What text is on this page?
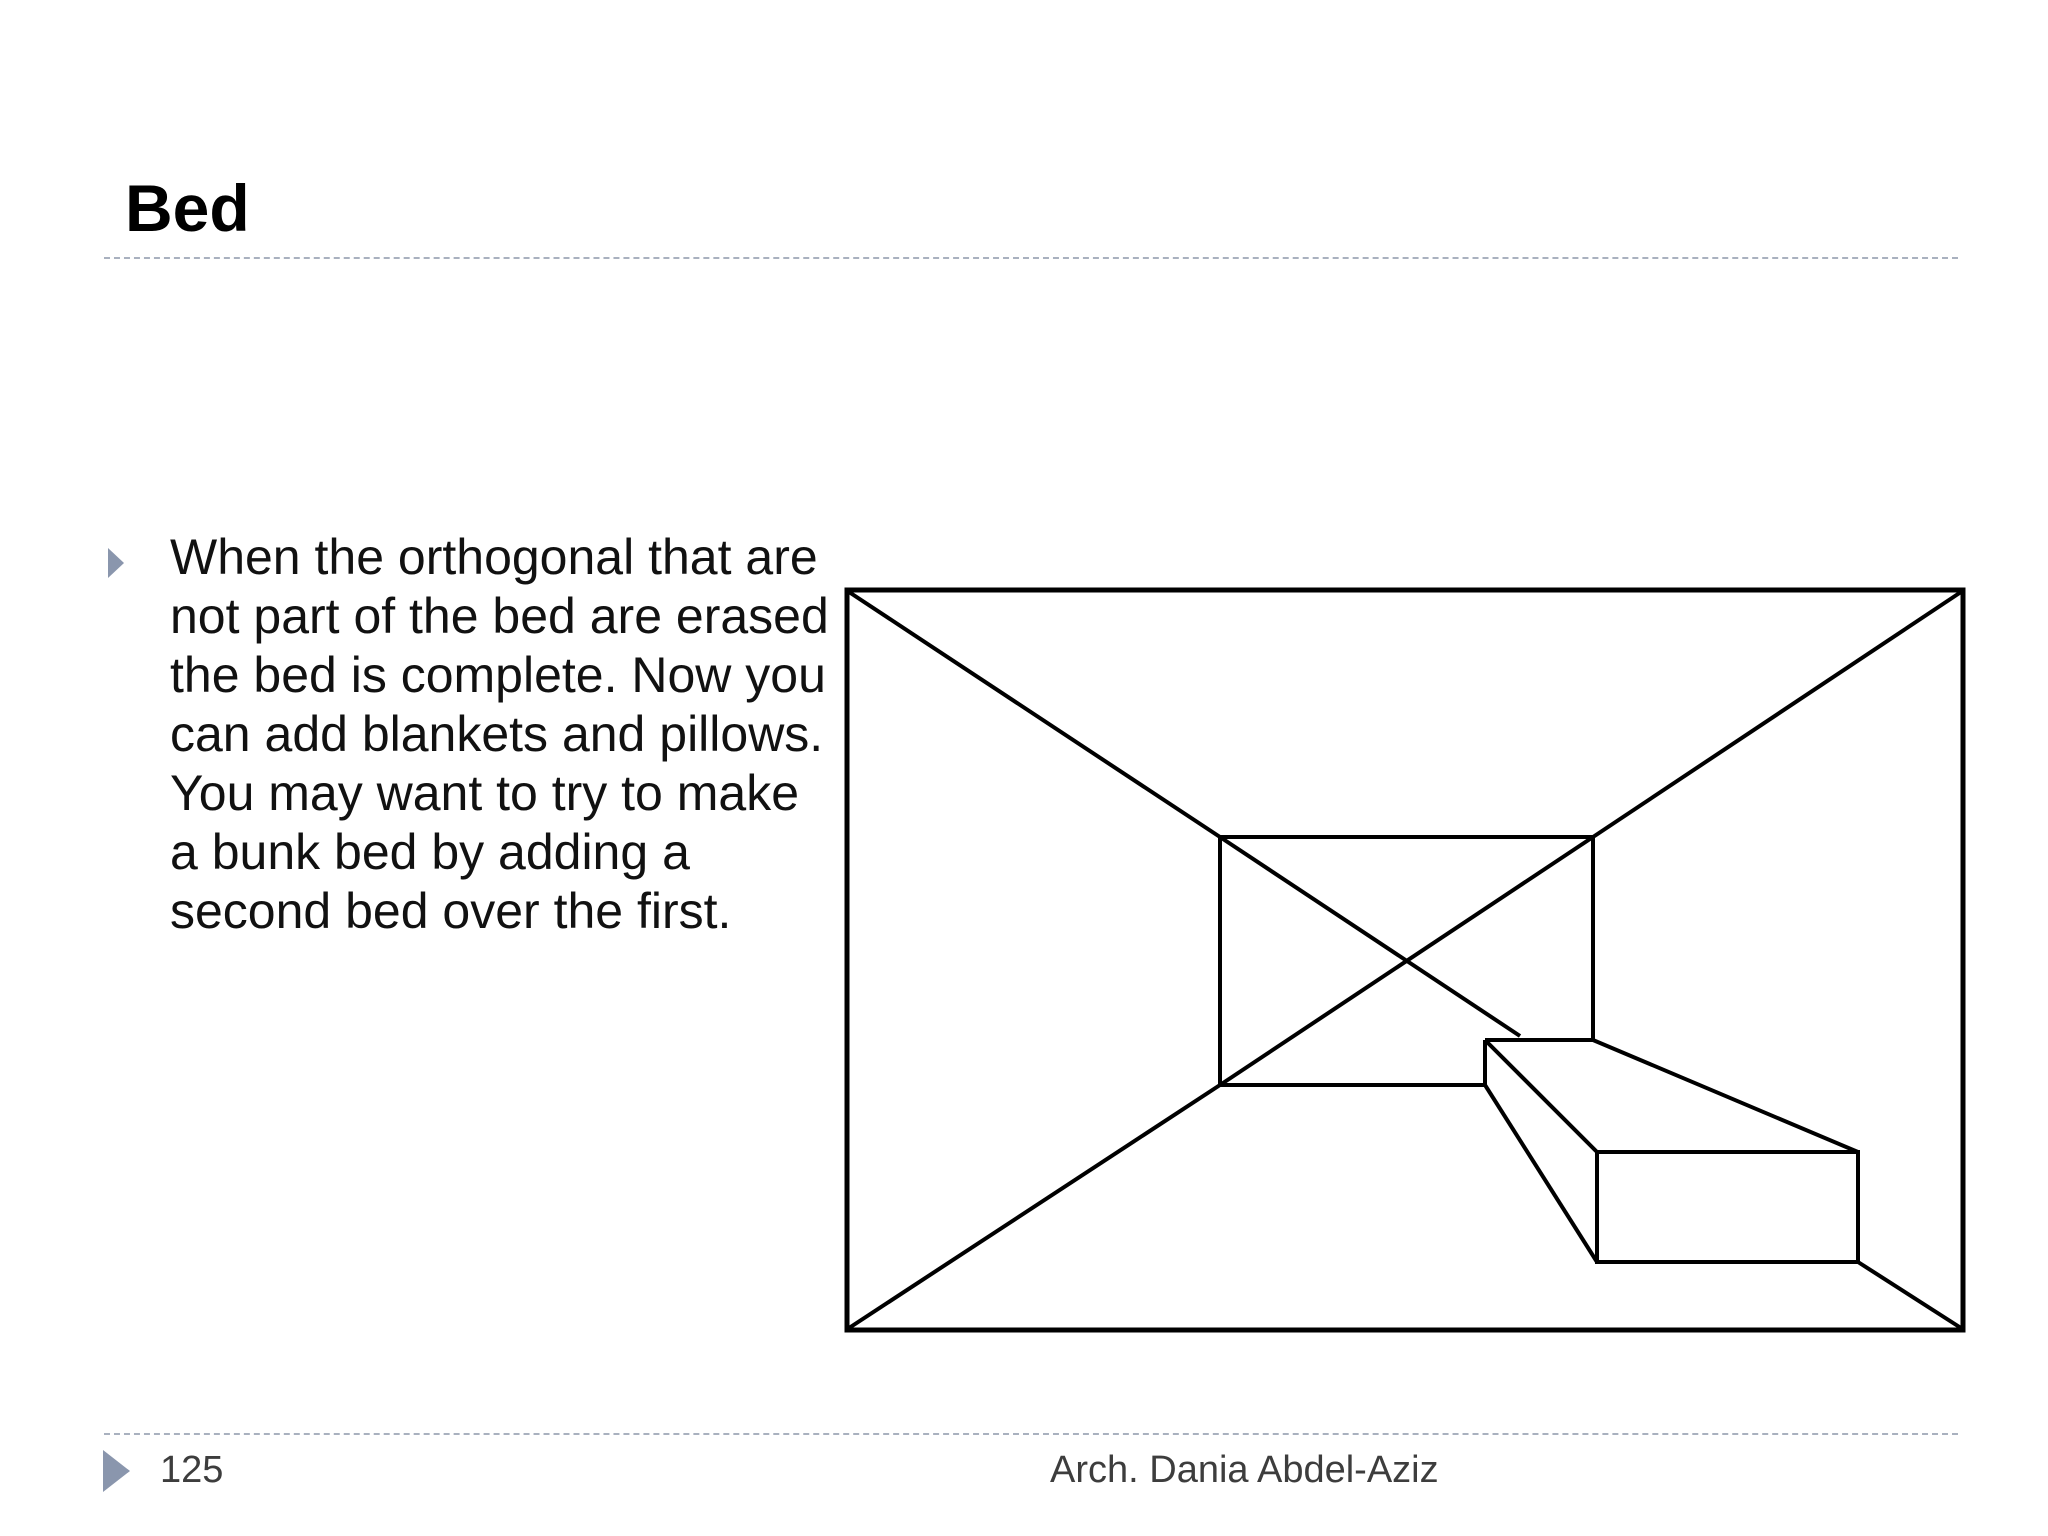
Bed

When the orthogonal that are not part of the bed are erased the bed is complete. Now you can add blankets and pillows. You may want to try to make a bunk bed by adding a second bed over the first.

125	Arch. Dania Abdel-Aziz
